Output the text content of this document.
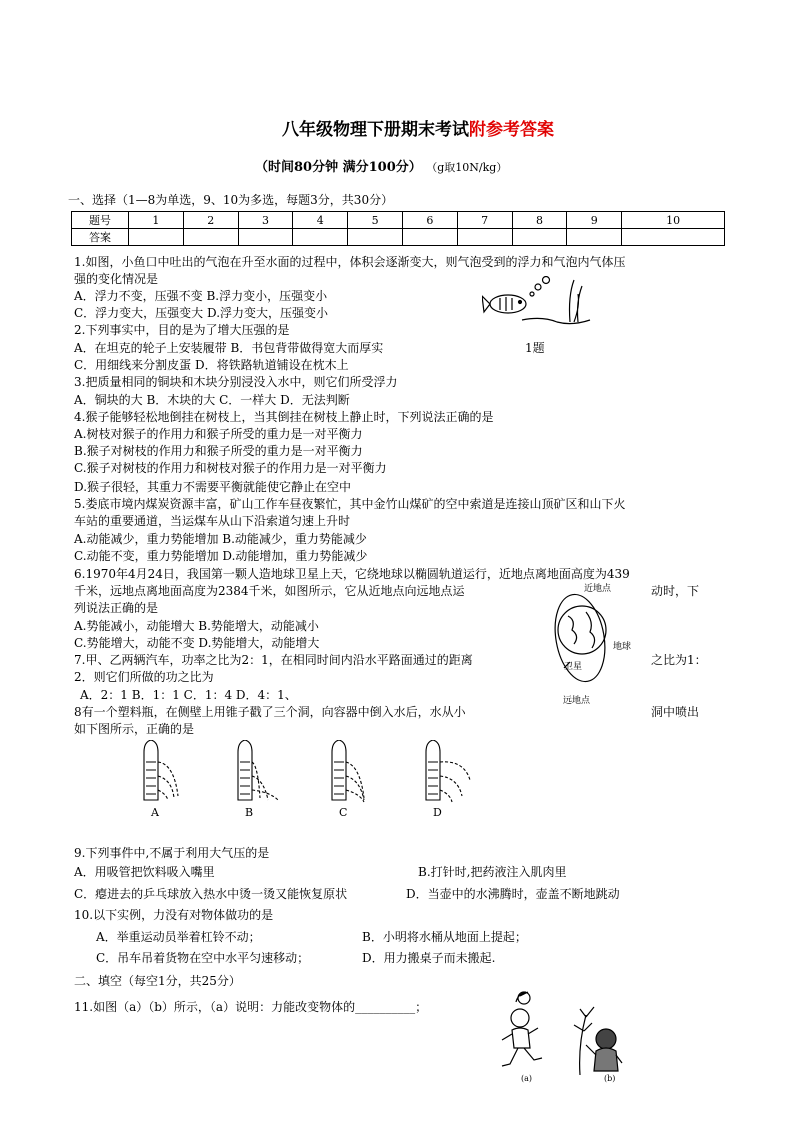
八年级物理下册期末考试附参考答案
（时间80分钟 满分100分） （g取10N/kg）
一、选择（1—8为单选，9、10为多选，每题3分，共30分）
题号	1	2	3	4	5	6	7	8	9	10
答案										
1.如图，小鱼口中吐出的气泡在升至水面的过程中，体积会逐渐变大，则气泡受到的浮力和气泡内气体压
强的变化情况是
A．浮力不变，压强不变 B.浮力变小，压强变小
C．浮力变大，压强变大 D.浮力变大，压强变小
2.下列事实中，目的是为了增大压强的是
A．在坦克的轮子上安装履带 B．书包背带做得宽大而厚实
C．用细线来分割皮蛋 D．将铁路轨道铺设在枕木上
3.把质量相同的铜块和木块分别浸没入水中，则它们所受浮力
A．铜块的大 B．木块的大 C．一样大 D．无法判断
4.猴子能够轻松地倒挂在树枝上，当其倒挂在树枝上静止时，下列说法正确的是
A.树枝对猴子的作用力和猴子所受的重力是一对平衡力
B.猴子对树枝的作用力和猴子所受的重力是一对平衡力
C.猴子对树枝的作用力和树枝对猴子的作用力是一对平衡力
D.猴子很轻，其重力不需要平衡就能使它静止在空中
5.娄底市境内煤炭资源丰富，矿山工作车昼夜繁忙，其中金竹山煤矿的空中索道是连接山顶矿区和山下火
车站的重要通道，当运煤车从山下沿索道匀速上升时
A.动能减少，重力势能增加 B.动能减少，重力势能减少
C.动能不变，重力势能增加 D.动能增加，重力势能减少
6.1970年4月24日，我国第一颗人造地球卫星上天，它绕地球以椭圆轨道运行，近地点离地面高度为439
千米，远地点离地面高度为2384千米，如图所示，它从近地点向远地点运	动时，下
列说法正确的是
A.势能减小，动能增大 B.势能增大，动能减小
C.势能增大，动能不变 D.势能增大，动能增大
7.甲、乙两辆汽车，功率之比为2：1，在相同时间内沿水平路面通过的距离	之比为1：
2．则它们所做的功之比为
A．2：1 B．1：1 C．1：4 D．4：1、
8有一个塑料瓶，在侧壁上用锥子戳了三个洞，向容器中倒入水后，水从小	洞中喷出
如下图所示，正确的是
9.下列事件中,不属于利用大气压的是
A．用吸管把饮料吸入嘴里	B.打针时,把药液注入肌肉里
C．瘪进去的乒乓球放入热水中烫一烫又能恢复原状	D．当壶中的水沸腾时，壶盖不断地跳动
10.以下实例，力没有对物体做功的是
A．举重运动员举着杠铃不动；	B．小明将水桶从地面上提起；
C．吊车吊着货物在空中水平匀速移动；	D．用力搬桌子而未搬起.
二、填空（每空1分，共25分）
11.如图（a）（b）所示，（a）说明：力能改变物体的__________；
1题
近地点
地球
卫星
远地点
A	B	C	D
(a)	(b)
